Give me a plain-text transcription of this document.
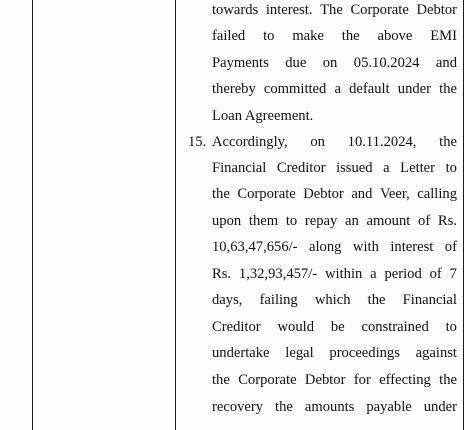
towards interest. The Corporate Debtor
failed to make the above EMI
Payments due on 05.10.2024 and
thereby committed a default under the
Loan Agreement.
15. Accordingly, on 10.11.2024, the
Financial Creditor issued a Letter to
the Corporate Debtor and Veer, calling
upon them to repay an amount of Rs.
10,63,47,656/- along with interest of
Rs. 1,32,93,457/- within a period of 7
days, failing which the Financial
Creditor would be constrained to
undertake legal proceedings against
the Corporate Debtor for effecting the
recovery the amounts payable under
